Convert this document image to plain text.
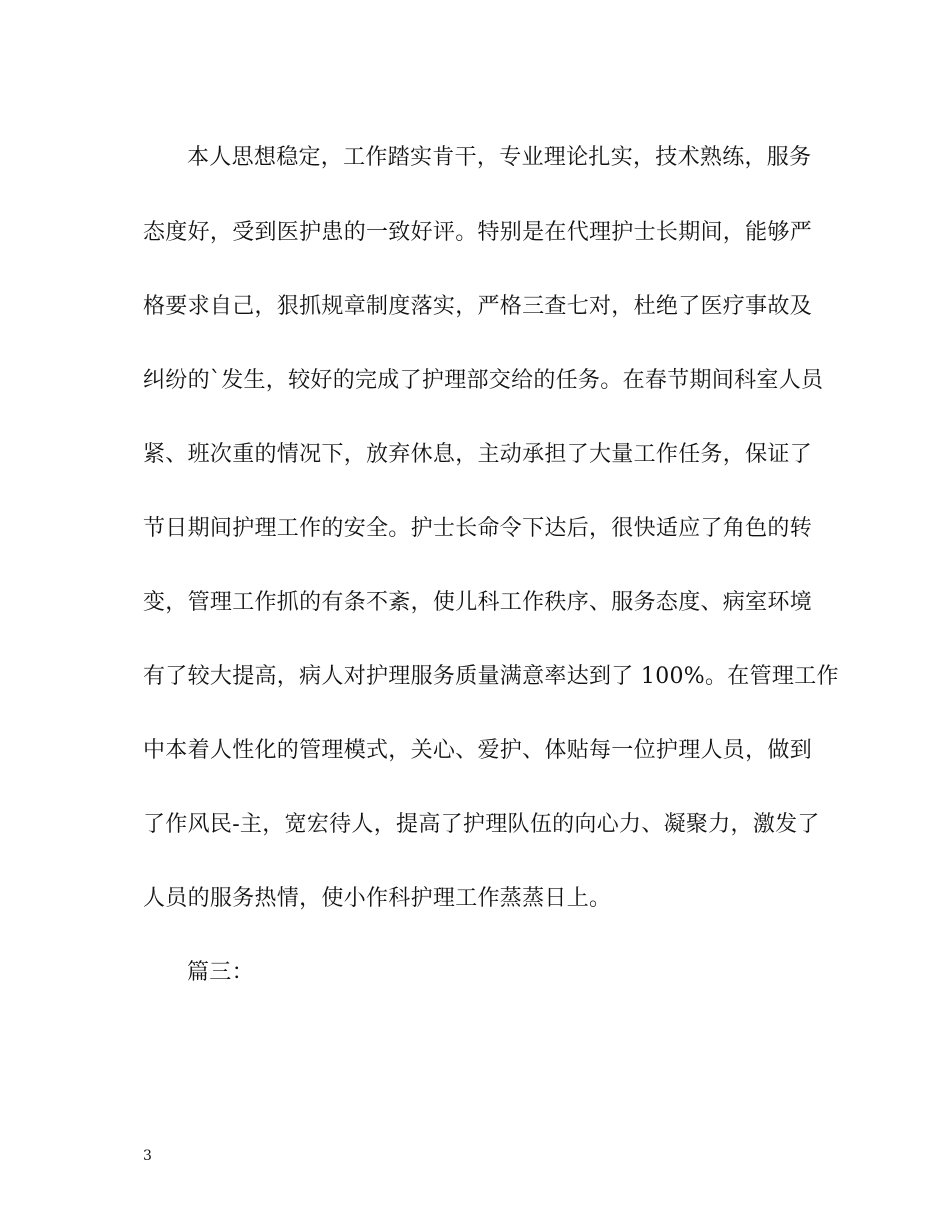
本人思想稳定，工作踏实肯干，专业理论扎实，技术熟练，服务
态度好，受到医护患的一致好评。特别是在代理护士长期间，能够严
格要求自己，狠抓规章制度落实，严格三查七对，杜绝了医疗事故及
纠纷的`发生，较好的完成了护理部交给的任务。在春节期间科室人员
紧、班次重的情况下，放弃休息，主动承担了大量工作任务，保证了
节日期间护理工作的安全。护士长命令下达后，很快适应了角色的转
变，管理工作抓的有条不紊，使儿科工作秩序、服务态度、病室环境
有了较大提高，病人对护理服务质量满意率达到了 100%。在管理工作
中本着人性化的管理模式，关心、爱护、体贴每一位护理人员，做到
了作风民-主，宽宏待人，提高了护理队伍的向心力、凝聚力，激发了
人员的服务热情，使小作科护理工作蒸蒸日上。
篇三：
3
